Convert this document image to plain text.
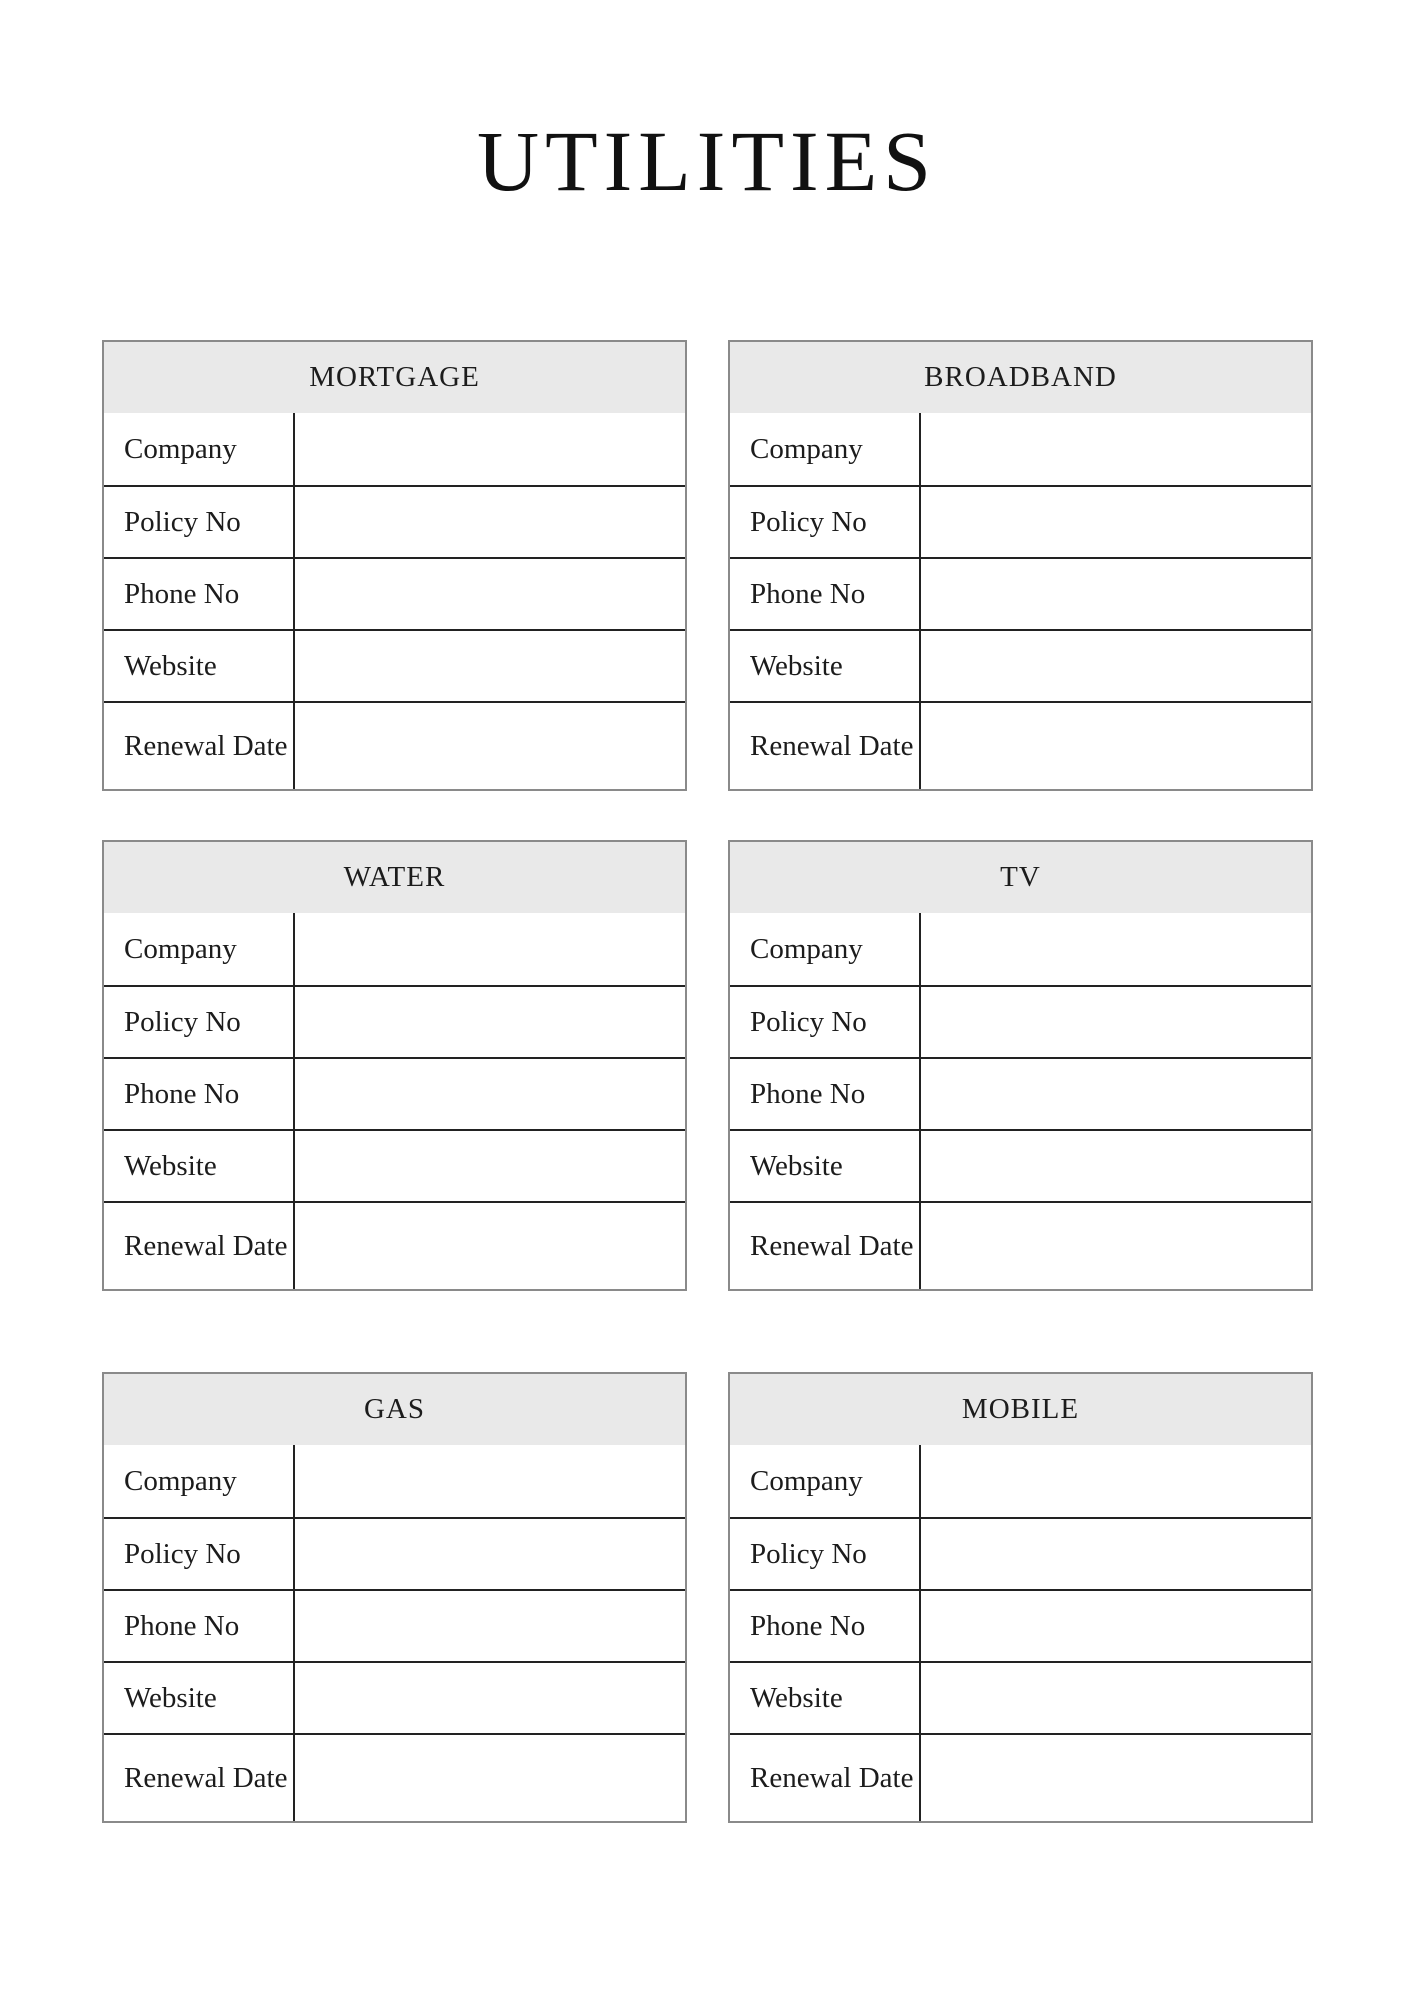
UTILITIES
MORTGAGE
Company
Policy No
Phone No
Website
Renewal Date
BROADBAND
Company
Policy No
Phone No
Website
Renewal Date
WATER
Company
Policy No
Phone No
Website
Renewal Date
TV
Company
Policy No
Phone No
Website
Renewal Date
GAS
Company
Policy No
Phone No
Website
Renewal Date
MOBILE
Company
Policy No
Phone No
Website
Renewal Date
